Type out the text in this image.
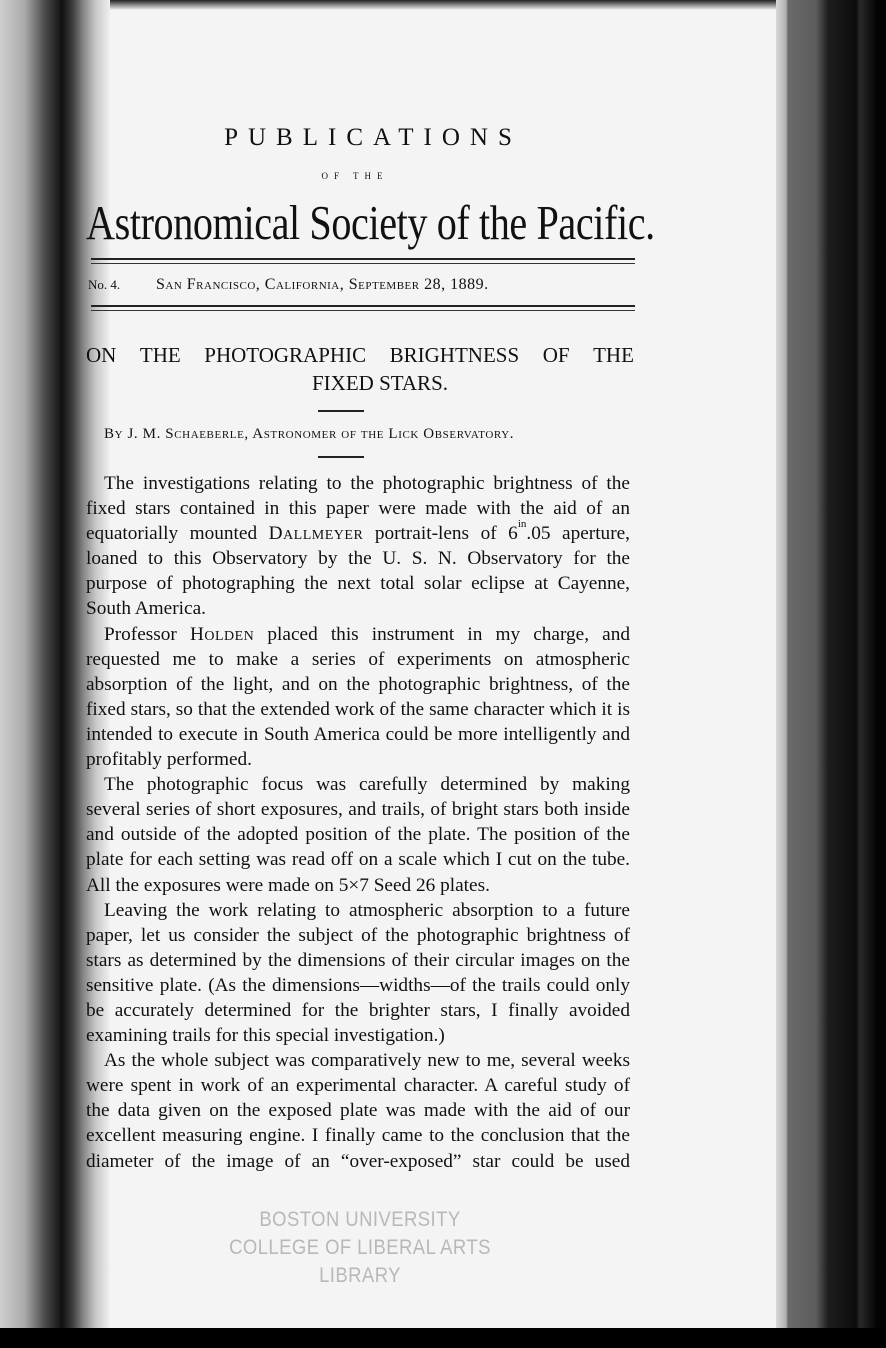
PUBLICATIONS
OF THE
Astronomical Society of the Pacific.
No. 4. San Francisco, California, September 28, 1889.
ON THE PHOTOGRAPHIC BRIGHTNESS OF THE
FIXED STARS.
By J. M. Schaeberle, Astronomer of the Lick Observatory.

The investigations relating to the photographic brightness of the fixed stars contained in this paper were made with the aid of an equatorially mounted Dallmeyer portrait-lens of $6^{in}.05$ aperture, loaned to this Observatory by the U. S. N. Observatory for the purpose of photographing the next total solar eclipse at Cayenne, South America.

Professor Holden placed this instrument in my charge, and requested me to make a series of experiments on atmospheric absorption of the light, and on the photographic brightness, of the fixed stars, so that the extended work of the same character which it is intended to execute in South America could be more intelligently and profitably performed.

The photographic focus was carefully determined by making several series of short exposures, and trails, of bright stars both inside and outside of the adopted position of the plate. The position of the plate for each setting was read off on a scale which I cut on the tube. All the exposures were made on 5×7 Seed 26 plates.

Leaving the work relating to atmospheric absorption to a future paper, let us consider the subject of the photographic brightness of stars as determined by the dimensions of their circular images on the sensitive plate. (As the dimensions—widths—of the trails could only be accurately determined for the brighter stars, I finally avoided examining trails for this special investigation.)

As the whole subject was comparatively new to me, several weeks were spent in work of an experimental character. A careful study of the data given on the exposed plate was made with the aid of our excellent measuring engine. I finally came to the conclusion that the diameter of the image of an “over-exposed” star could be used

BOSTON UNIVERSITY
COLLEGE OF LIBERAL ARTS
LIBRARY
